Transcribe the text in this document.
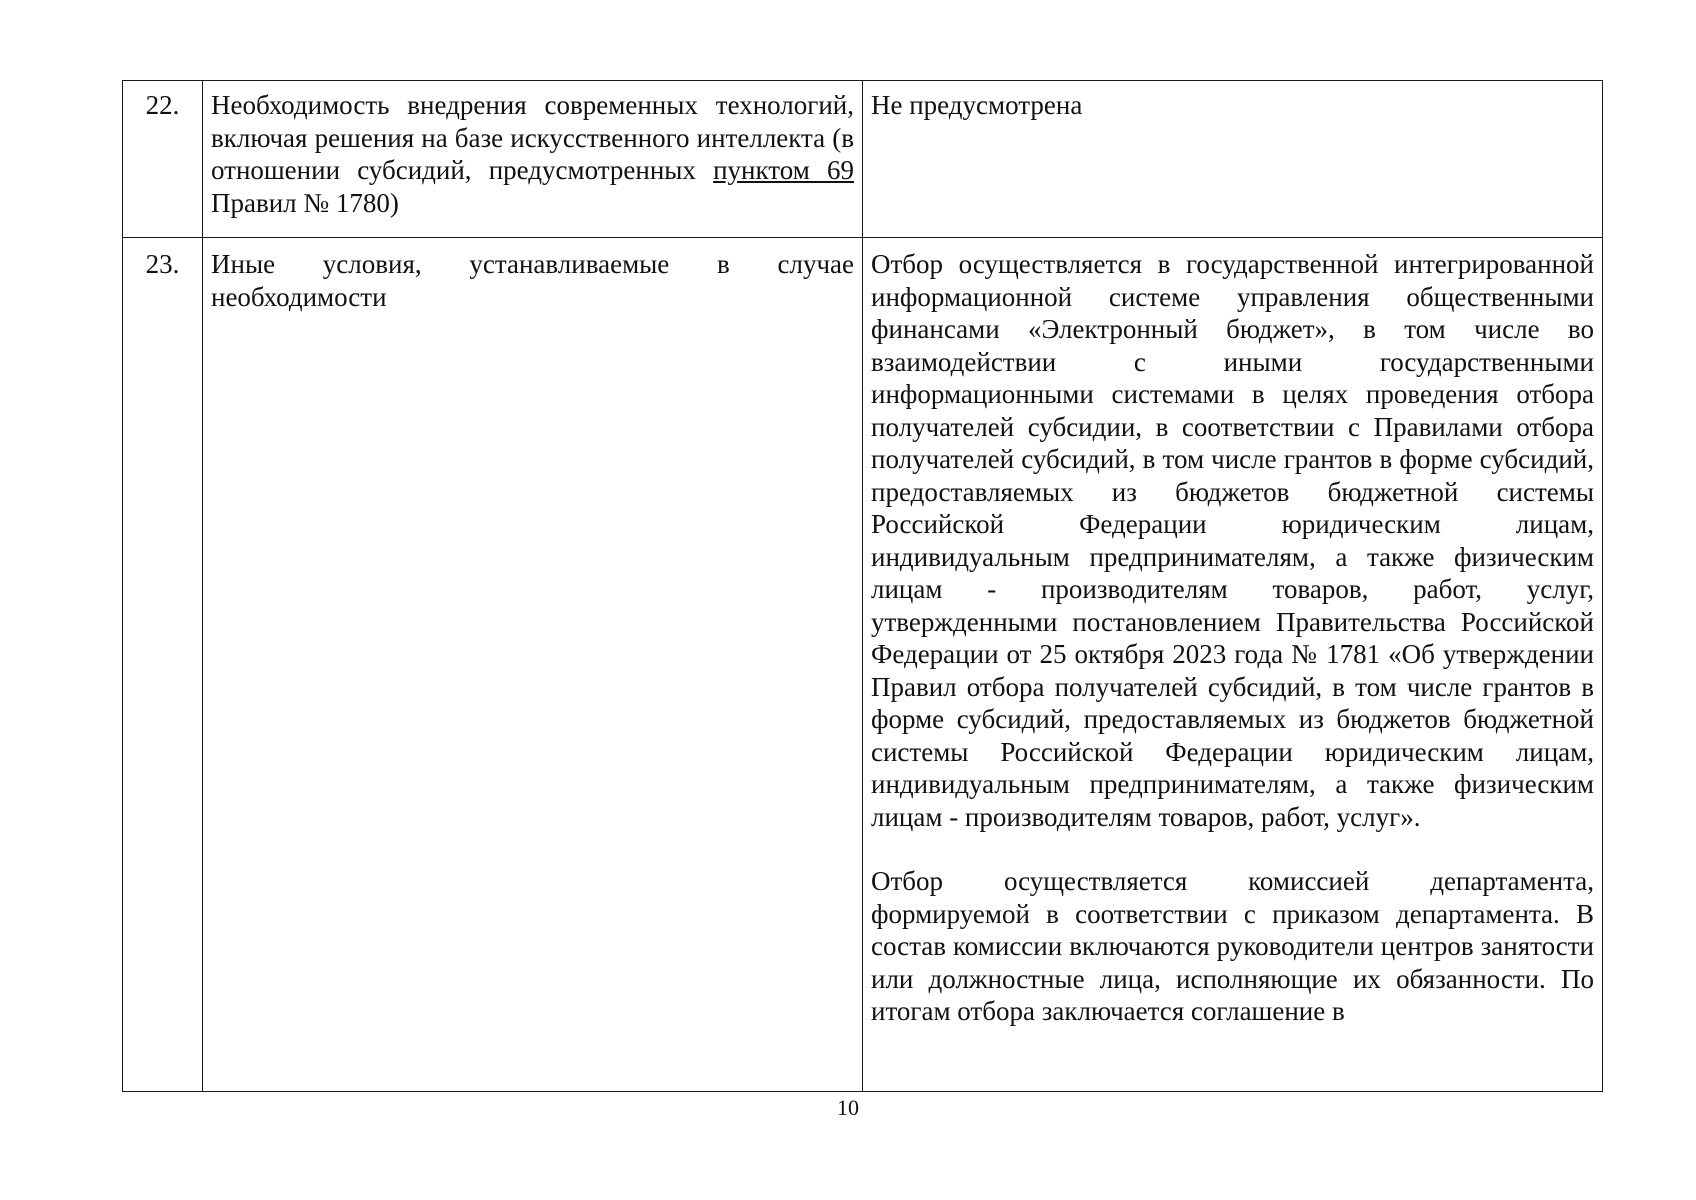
22.	Необходимость внедрения современных технологий, включая решения на базе искусственного интеллекта (в отношении субсидий, предусмотренных пунктом 69 Правил № 1780)	Не предусмотрена
23.	Иные условия, устанавливаемые в случае необходимости	Отбор осуществляется в государственной интегрированной информационной системе управления общественными финансами «Электронный бюджет», в том числе во взаимодействии с иными государственными информационными системами в целях проведения отбора получателей субсидии, в соответствии с Правилами отбора получателей субсидий, в том числе грантов в форме субсидий, предоставляемых из бюджетов бюджетной системы Российской Федерации юридическим лицам, индивидуальным предпринимателям, а также физическим лицам - производителям товаров, работ, услуг, утвержденными постановлением Правительства Российской Федерации от 25 октября 2023 года № 1781 «Об утверждении Правил отбора получателей субсидий, в том числе грантов в форме субсидий, предоставляемых из бюджетов бюджетной системы Российской Федерации юридическим лицам, индивидуальным предпринимателям, а также физическим лицам - производителям товаров, работ, услуг».
Отбор осуществляется комиссией департамента, формируемой в соответствии с приказом департамента. В состав комиссии включаются руководители центров занятости или должностные лица, исполняющие их обязанности. По итогам отбора заключается соглашение в
10
